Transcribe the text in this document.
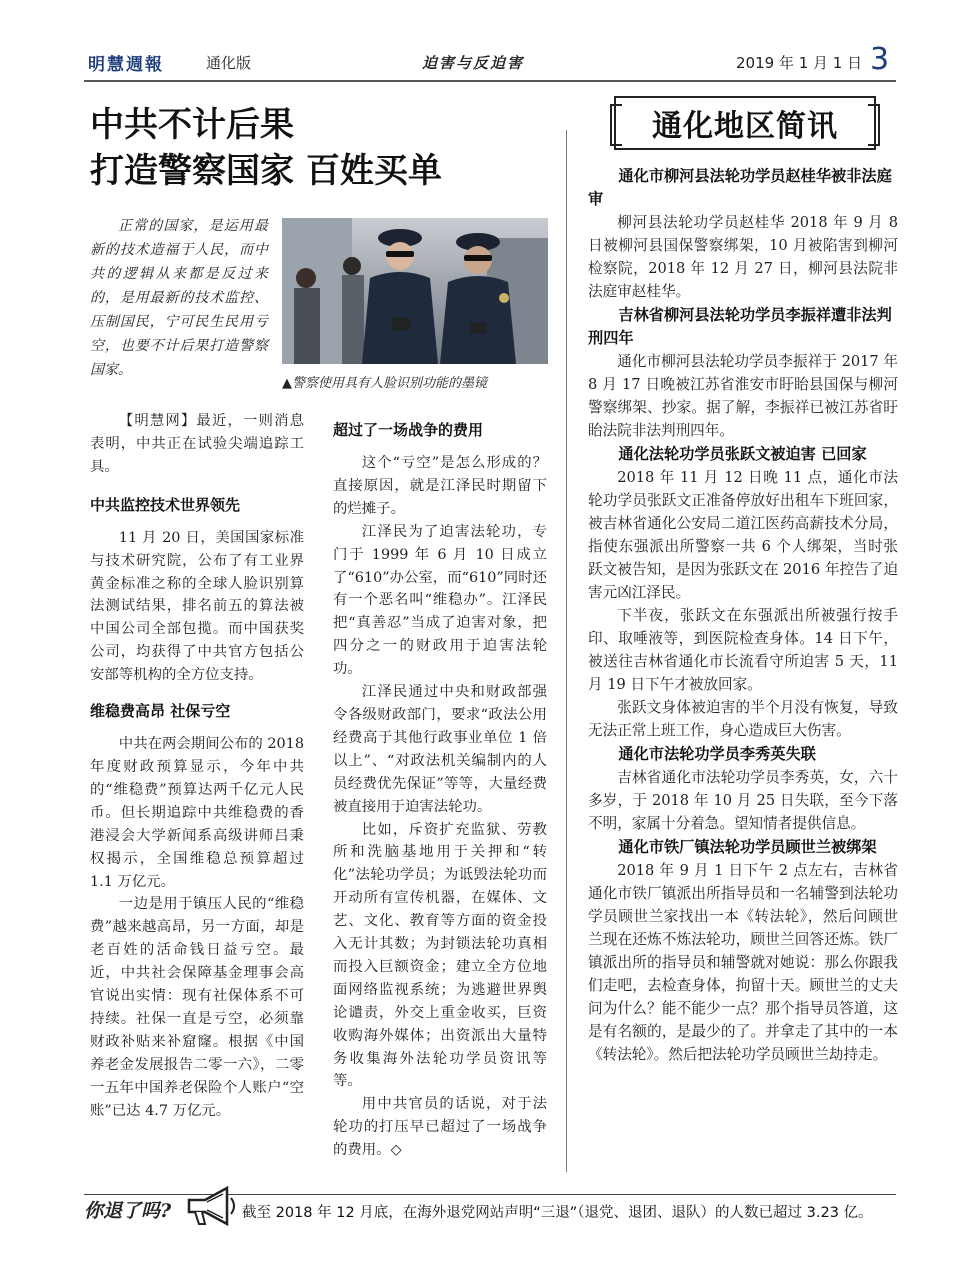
明慧週報	通化版	迫害与反迫害	2019 年 1 月 1 日 3
中共不计后果
打造警察国家 百姓买单
正常的国家，是运用最新的技术造福于人民，而中共的逻辑从来都是反过来的，是用最新的技术监控、压制国民，宁可民生民用亏空，也要不计后果打造警察国家。
▲警察使用具有人脸识别功能的墨镜

【明慧网】最近，一则消息表明，中共正在试验尖端追踪工具。

中共监控技术世界领先

11 月 20 日，美国国家标准与技术研究院，公布了有工业界黄金标准之称的全球人脸识别算法测试结果，排名前五的算法被中国公司全部包揽。而中国获奖公司，均获得了中共官方包括公安部等机构的全方位支持。

维稳费高昂 社保亏空

中共在两会期间公布的 2018 年度财政预算显示，今年中共的“维稳费”预算达两千亿元人民币。但长期追踪中共维稳费的香港浸会大学新闻系高级讲师吕秉权揭示，全国维稳总预算超过 1.1 万亿元。

一边是用于镇压人民的“维稳费”越来越高昂，另一方面，却是老百姓的活命钱日益亏空。最近，中共社会保障基金理事会高官说出实情：现有社保体系不可持续。社保一直是亏空，必须靠财政补贴来补窟窿。根据《中国养老金发展报告二零一六》，二零一五年中国养老保险个人账户“空账”已达 4.7 万亿元。

超过了一场战争的费用

这个“亏空”是怎么形成的？直接原因，就是江泽民时期留下的烂摊子。

江泽民为了迫害法轮功，专门于 1999 年 6 月 10 日成立了“610”办公室，而“610”同时还有一个恶名叫“维稳办”。江泽民把“真善忍”当成了迫害对象，把四分之一的财政用于迫害法轮功。

江泽民通过中央和财政部强令各级财政部门，要求“政法公用经费高于其他行政事业单位 1 倍以上”、“对政法机关编制内的人员经费优先保证”等等，大量经费被直接用于迫害法轮功。

比如，斥资扩充监狱、劳教所和洗脑基地用于关押和“转化”法轮功学员；为诋毁法轮功而开动所有宣传机器，在媒体、文艺、文化、教育等方面的资金投入无计其数；为封锁法轮功真相而投入巨额资金；建立全方位地面网络监视系统；为逃避世界舆论谴责，外交上重金收买，巨资收购海外媒体；出资派出大量特务收集海外法轮功学员资讯等等。

用中共官员的话说，对于法轮功的打压早已超过了一场战争的费用。◇

通化地区简讯
通化市柳河县法轮功学员赵桂华被非法庭审

柳河县法轮功学员赵桂华 2018 年 9 月 8 日被柳河县国保警察绑架，10 月被陷害到柳河检察院，2018 年 12 月 27 日，柳河县法院非法庭审赵桂华。

吉林省柳河县法轮功学员李振祥遭非法判刑四年

通化市柳河县法轮功学员李振祥于 2017 年 8 月 17 日晚被江苏省淮安市盱眙县国保与柳河警察绑架、抄家。据了解，李振祥已被江苏省盱眙法院非法判刑四年。

通化法轮功学员张跃文被迫害 已回家

2018 年 11 月 12 日晚 11 点，通化市法轮功学员张跃文正准备停放好出租车下班回家，被吉林省通化公安局二道江医药高薪技术分局，指使东强派出所警察一共 6 个人绑架，当时张跃文被告知，是因为张跃文在 2016 年控告了迫害元凶江泽民。

下半夜，张跃文在东强派出所被强行按手印、取唾液等，到医院检查身体。14 日下午，被送往吉林省通化市长流看守所迫害 5 天，11 月 19 日下午才被放回家。

张跃文身体被迫害的半个月没有恢复，导致无法正常上班工作，身心造成巨大伤害。

通化市法轮功学员李秀英失联

吉林省通化市法轮功学员李秀英，女，六十多岁，于 2018 年 10 月 25 日失联，至今下落不明，家属十分着急。望知情者提供信息。

通化市铁厂镇法轮功学员顾世兰被绑架

2018 年 9 月 1 日下午 2 点左右，吉林省通化市铁厂镇派出所指导员和一名辅警到法轮功学员顾世兰家找出一本《转法轮》，然后问顾世兰现在还炼不炼法轮功，顾世兰回答还炼。铁厂镇派出所的指导员和辅警就对她说：那么你跟我们走吧，去检查身体，拘留十天。顾世兰的丈夫问为什么？能不能少一点？那个指导员答道，这是有名额的，是最少的了。并拿走了其中的一本《转法轮》。然后把法轮功学员顾世兰劫持走。

你退了吗?	截至 2018 年 12 月底，在海外退党网站声明“三退”（退党、退团、退队）的人数已超过 3.23 亿。
